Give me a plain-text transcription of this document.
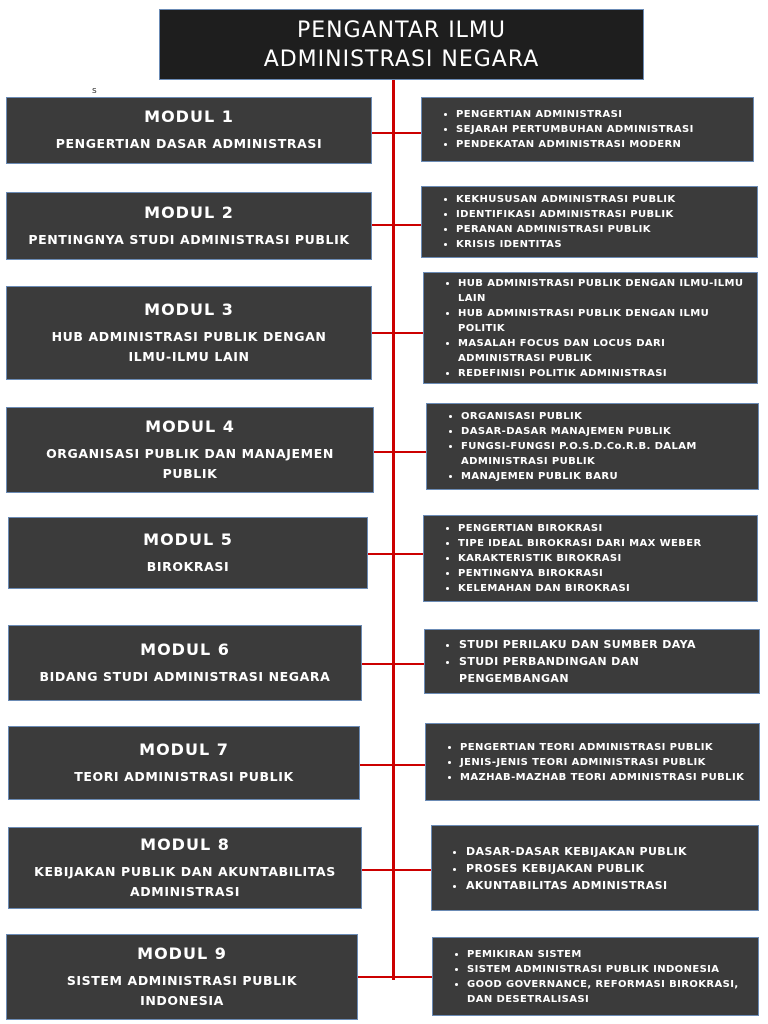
PENGANTAR ILMU
ADMINISTRASI NEGARA
s
MODUL 1
PENGERTIAN DASAR ADMINISTRASI
• PENGERTIAN ADMINISTRASI
• SEJARAH PERTUMBUHAN ADMINISTRASI
• PENDEKATAN ADMINISTRASI MODERN
MODUL 2
PENTINGNYA STUDI ADMINISTRASI PUBLIK
• KEKHUSUSAN ADMINISTRASI PUBLIK
• IDENTIFIKASI ADMINISTRASI PUBLIK
• PERANAN ADMINISTRASI PUBLIK
• KRISIS IDENTITAS
MODUL 3
HUB ADMINISTRASI PUBLIK DENGAN ILMU-ILMU LAIN
• HUB ADMINISTRASI PUBLIK DENGAN ILMU-ILMU LAIN
• HUB ADMINISTRASI PUBLIK DENGAN ILMU POLITIK
• MASALAH FOCUS DAN LOCUS DARI ADMINISTRASI PUBLIK
• REDEFINISI POLITIK ADMINISTRASI
MODUL 4
ORGANISASI PUBLIK DAN MANAJEMEN PUBLIK
• ORGANISASI PUBLIK
• DASAR-DASAR MANAJEMEN PUBLIK
• FUNGSI-FUNGSI P.O.S.D.Co.R.B. DALAM ADMINISTRASI PUBLIK
• MANAJEMEN PUBLIK BARU
MODUL 5
BIROKRASI
• PENGERTIAN BIROKRASI
• TIPE IDEAL BIROKRASI DARI MAX WEBER
• KARAKTERISTIK BIROKRASI
• PENTINGNYA BIROKRASI
• KELEMAHAN DAN BIROKRASI
MODUL 6
BIDANG STUDI ADMINISTRASI NEGARA
• STUDI PERILAKU DAN SUMBER DAYA
• STUDI PERBANDINGAN DAN PENGEMBANGAN
MODUL 7
TEORI ADMINISTRASI PUBLIK
• PENGERTIAN TEORI ADMINISTRASI PUBLIK
• JENIS-JENIS TEORI ADMINISTRASI PUBLIK
• MAZHAB-MAZHAB TEORI ADMINISTRASI PUBLIK
MODUL 8
KEBIJAKAN PUBLIK DAN AKUNTABILITAS ADMINISTRASI
• DASAR-DASAR KEBIJAKAN PUBLIK
• PROSES KEBIJAKAN PUBLIK
• AKUNTABILITAS ADMINISTRASI
MODUL 9
SISTEM ADMINISTRASI PUBLIK INDONESIA
• PEMIKIRAN SISTEM
• SISTEM ADMINISTRASI PUBLIK INDONESIA
• GOOD GOVERNANCE, REFORMASI BIROKRASI, DAN DESETRALISASI
